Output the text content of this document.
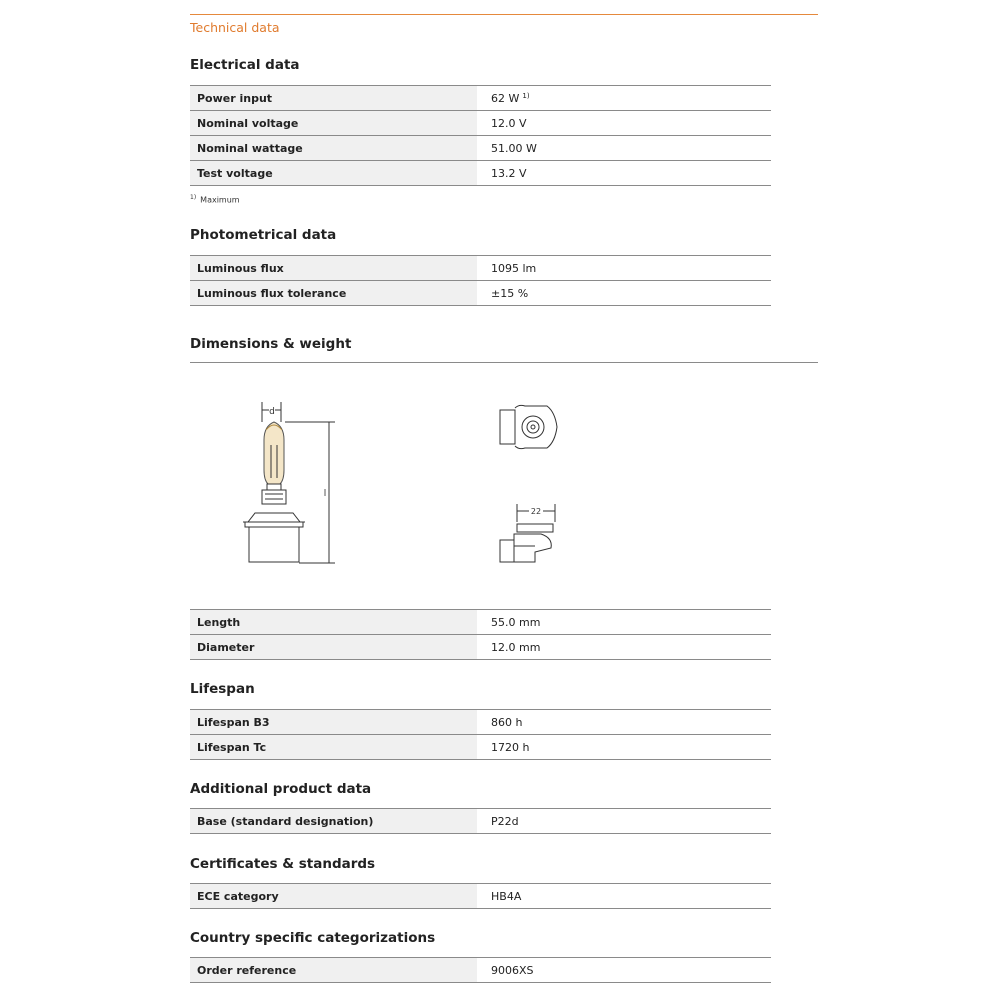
Technical data
Electrical data
Power input	62 W $^{1)}$
Nominal voltage	12.0 V
Nominal wattage	51.00 W
Test voltage	13.2 V
$^{1)}$ Maximum
Photometrical data
Luminous flux	1095 lm
Luminous flux tolerance	±15 %
Dimensions & weight
d
l
22
Length	55.0 mm
Diameter	12.0 mm
Lifespan
Lifespan B3	860 h
Lifespan Tc	1720 h
Additional product data
Base (standard designation)	P22d
Certificates & standards
ECE category	HB4A
Country specific categorizations
Order reference	9006XS
